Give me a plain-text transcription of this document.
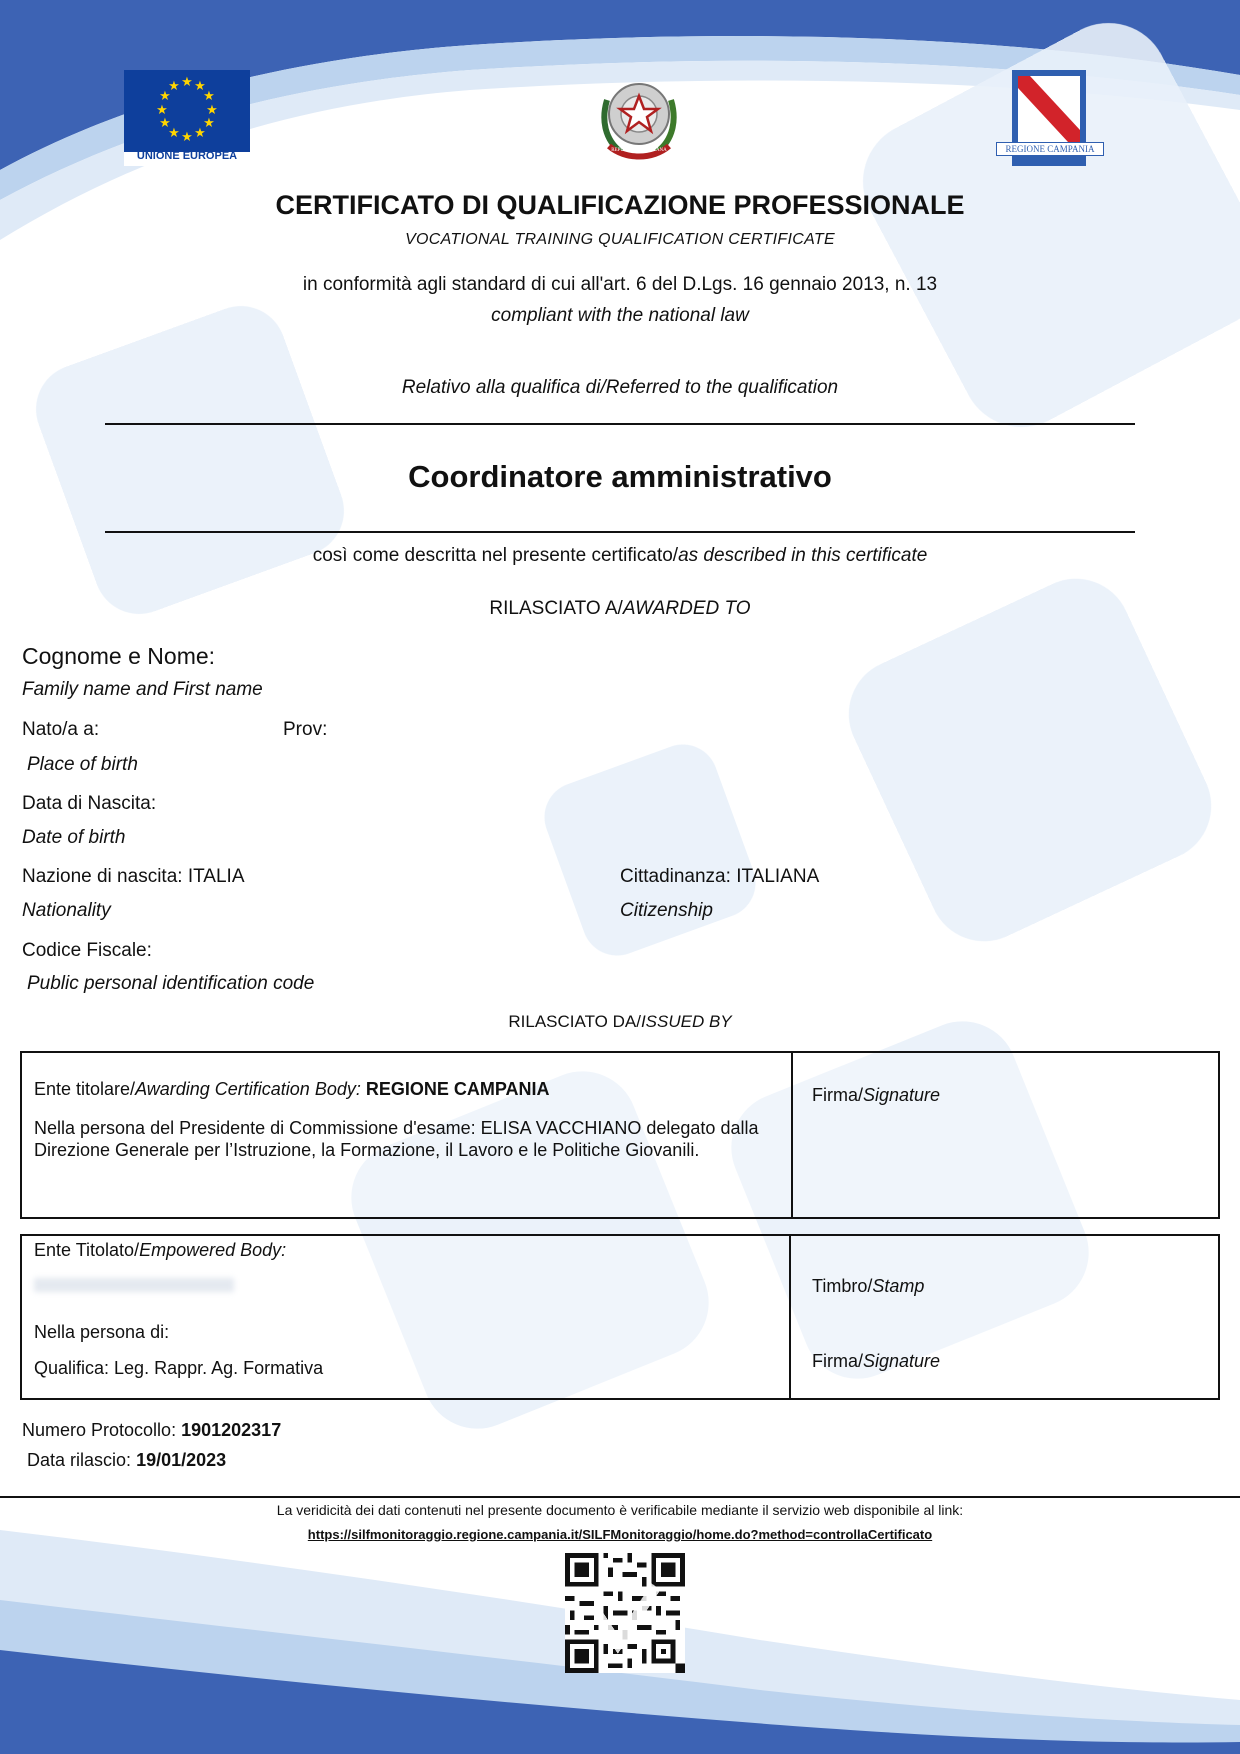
★ ★
★
★
★
★
★
★
★
★
★
★
UNIONE EUROPEA	REPUBBLICA ITALIANA	REGIONE CAMPANIA
CERTIFICATO DI QUALIFICAZIONE PROFESSIONALE
VOCATIONAL TRAINING QUALIFICATION CERTIFICATE
in conformità agli standard di cui all'art. 6 del D.Lgs. 16 gennaio 2013, n. 13
compliant with the national law
Relativo alla qualifica di/Referred to the qualification
Coordinatore amministrativo
così come descritta nel presente certificato/as described in this certificate
RILASCIATO A/AWARDED TO
Cognome e Nome:
Family name and First name
Nato/a a:	Prov:
Place of birth
Data di Nascita:
Date of birth
Nazione di nascita: ITALIA
Nationality
Cittadinanza: ITALIANA
Citizenship
Codice Fiscale:
Public personal identification code
RILASCIATO DA/ISSUED BY
Ente titolare/Awarding Certification Body: REGIONE CAMPANIA
Nella persona del Presidente di Commissione d'esame: ELISA VACCHIANO delegato dalla Direzione Generale per l’Istruzione, la Formazione, il Lavoro e le Politiche Giovanili.
Firma/Signature
Ente Titolato/Empowered Body:
Nella persona di:
Qualifica: Leg. Rappr. Ag. Formativa
Timbro/Stamp
Firma/Signature
Numero Protocollo: 1901202317
Data rilascio: 19/01/2023
La veridicità dei dati contenuti nel presente documento è verificabile mediante il servizio web disponibile al link:
https://silfmonitoraggio.regione.campania.it/SILFMonitoraggio/home.do?method=controllaCertificato
